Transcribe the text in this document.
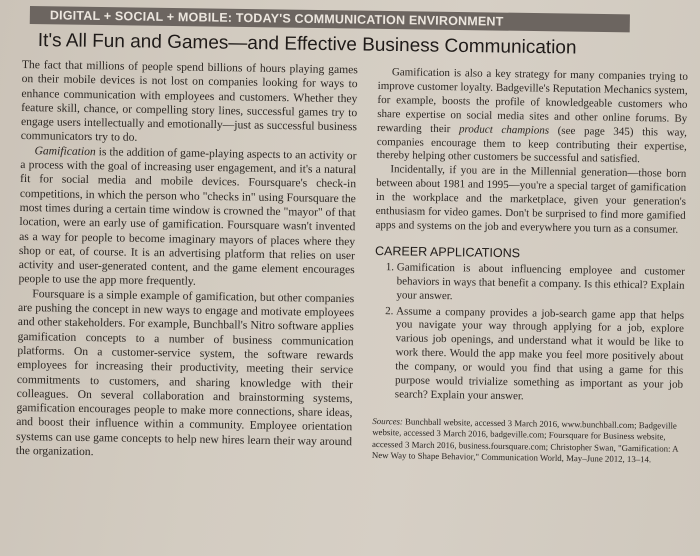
DIGITAL + SOCIAL + MOBILE: TODAY'S COMMUNICATION ENVIRONMENT
It's All Fun and Games—and Effective Business Communication

The fact that millions of people spend billions of hours playing games on their mobile devices is not lost on companies looking for ways to enhance communication with employees and customers. Whether they feature skill, chance, or compelling story lines, successful games try to engage users intellectually and emotionally—just as successful business communicators try to do.

Gamification is the addition of game-playing aspects to an activity or a process with the goal of increasing user engagement, and it's a natural fit for social media and mobile devices. Foursquare's check-in competitions, in which the person who "checks in" using Foursquare the most times during a certain time window is crowned the "mayor" of that location, were an early use of gamification. Foursquare wasn't invented as a way for people to become imaginary mayors of places where they shop or eat, of course. It is an advertising platform that relies on user activity and user-generated content, and the game element encourages people to use the app more frequently.

Foursquare is a simple example of gamification, but other companies are pushing the concept in new ways to engage and motivate employees and other stakeholders. For example, Bunchball's Nitro software applies gamification concepts to a number of business communication platforms. On a customer-service system, the software rewards employees for increasing their productivity, meeting their service commitments to customers, and sharing knowledge with their colleagues. On several collaboration and brainstorming systems, gamification encourages people to make more connections, share ideas, and boost their influence within a community. Employee orientation systems can use game concepts to help new hires learn their way around the organization.

Gamification is also a key strategy for many companies trying to improve customer loyalty. Badgeville's Reputation Mechanics system, for example, boosts the profile of knowledgeable customers who share expertise on social media sites and other online forums. By rewarding their product champions (see page 345) this way, companies encourage them to keep contributing their expertise, thereby helping other customers be successful and satisfied.

Incidentally, if you are in the Millennial generation—those born between about 1981 and 1995—you're a special target of gamification in the workplace and the marketplace, given your generation's enthusiasm for video games. Don't be surprised to find more gamified apps and systems on the job and everywhere you turn as a consumer.

CAREER APPLICATIONS
1. Gamification is about influencing employee and customer behaviors in ways that benefit a company. Is this ethical? Explain your answer.
2. Assume a company provides a job-search game app that helps you navigate your way through applying for a job, explore various job openings, and understand what it would be like to work there. Would the app make you feel more positively about the company, or would you find that using a game for this purpose would trivialize something as important as your job search? Explain your answer.
Sources: Bunchball website, accessed 3 March 2016, www.bunchball.com; Badgeville website, accessed 3 March 2016, badgeville.com; Foursquare for Business website, accessed 3 March 2016, business.foursquare.com; Christopher Swan, "Gamification: A New Way to Shape Behavior," Communication World, May–June 2012, 13–14.
